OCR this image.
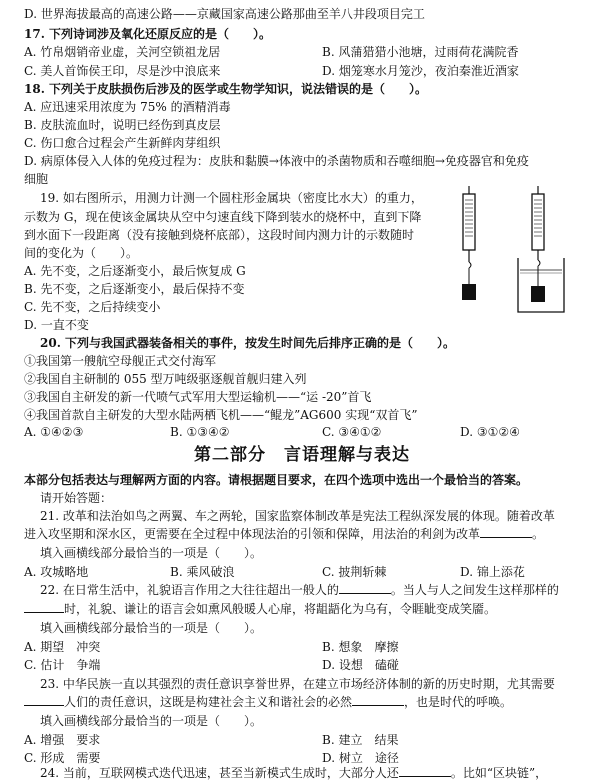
D. 世界海拔最高的高速公路——京藏国家高速公路那曲至羊八井段项目完工
17. 下列诗词涉及氧化还原反应的是（　　）。
A. 竹帛烟销帝业虚，关河空锁祖龙居	B. 风蒲猎猎小池塘，过雨荷花满院香
C. 美人首饰侯王印，尽是沙中浪底来	D. 烟笼寒水月笼沙，夜泊秦淮近酒家
18. 下列关于皮肤损伤后涉及的医学或生物学知识，说法错误的是（　　）。
A. 应迅速采用浓度为 75% 的酒精消毒
B. 皮肤流血时，说明已经伤到真皮层
C. 伤口愈合过程会产生新鲜肉芽组织
D. 病原体侵入人体的免疫过程为：皮肤和黏膜→体液中的杀菌物质和吞噬细胞→免疫器官和免疫
细胞
19. 如右图所示，用测力计测一个圆柱形金属块（密度比水大）的重力，
示数为 G，现在使该金属块从空中匀速直线下降到装水的烧杯中，直到下降
到水面下一段距离（没有接触到烧杯底部），这段时间内测力计的示数随时
间的变化为（　　）。
A. 先不变，之后逐渐变小，最后恢复成 G
B. 先不变，之后逐渐变小，最后保持不变
C. 先不变，之后持续变小
D. 一直不变
20. 下列与我国武器装备相关的事件，按发生时间先后排序正确的是（　　）。
①我国第一艘航空母舰正式交付海军
②我国自主研制的 055 型万吨级驱逐舰首舰归建入列
③我国自主研发的新一代喷气式军用大型运输机——“运 -20”首飞
④我国首款自主研发的大型水陆两栖飞机——“鲲龙”AG600 实现“双首飞”
A. ①④②③	B. ①③④②	C. ③④①②	D. ③①②④
第二部分　言语理解与表达
本部分包括表达与理解两方面的内容。请根据题目要求，在四个选项中选出一个最恰当的答案。
请开始答题：
21. 改革和法治如鸟之两翼、车之两轮，国家监察体制改革是宪法工程纵深发展的体现。随着改革
进入攻坚期和深水区，更需要在全过程中体现法治的引领和保障，用法治的利剑为改革	。
填入画横线部分最恰当的一项是（　　）。
A. 攻城略地	B. 乘风破浪	C. 披荆斩棘	D. 锦上添花
22. 在日常生活中，礼貌语言作用之大往往超出一般人的	。当人与人之间发生这样那样的
时，礼貌、谦让的语言会如熏风般暖人心扉，将龃龉化为乌有，令睚眦变成笑靥。
填入画横线部分最恰当的一项是（　　）。
A. 期望　冲突	B. 想象　摩擦
C. 估计　争端	D. 设想　磕碰
23. 中华民族一直以其强烈的责任意识享誉世界，在建立市场经济体制的新的历史时期，尤其需要
人们的责任意识，这既是构建社会主义和谐社会的必然	，也是时代的呼唤。
填入画横线部分最恰当的一项是（　　）。
A. 增强　要求	B. 建立　结果
C. 形成　需要	D. 树立　途径
24. 当前，互联网模式迭代迅速，甚至当新模式生成时，大部分人还	。比如“区块链”，
